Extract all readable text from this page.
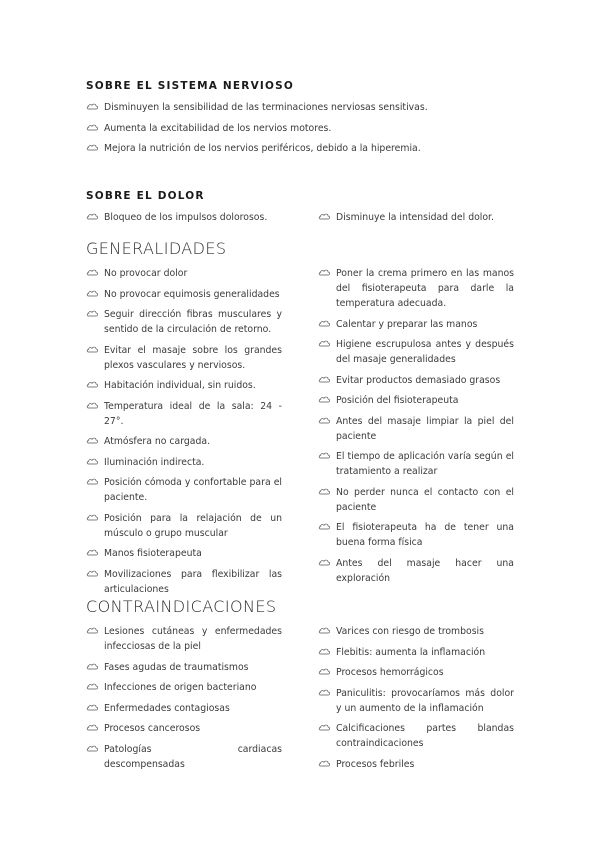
SOBRE EL SISTEMA NERVIOSO
Disminuyen la sensibilidad de las terminaciones nerviosas sensitivas.
Aumenta la excitabilidad de los nervios motores.
Mejora la nutrición de los nervios periféricos, debido a la hiperemia.
SOBRE EL DOLOR
Bloqueo de los impulsos dolorosos.	Disminuye la intensidad del dolor.
GENERALIDADES
No provocar dolor
No provocar equimosis generalidades
Seguir dirección fibras musculares y sentido de la circulación de retorno.
Evitar el masaje sobre los grandes plexos vasculares y nerviosos.
Habitación individual, sin ruidos.
Temperatura ideal de la sala: 24 - 27°.
Atmósfera no cargada.
Iluminación indirecta.
Posición cómoda y confortable para el paciente.
Posición para la relajación de un músculo o grupo muscular
Manos fisioterapeuta
Movilizaciones para flexibilizar las articulaciones
Poner la crema primero en las manos del fisioterapeuta para darle la temperatura adecuada.
Calentar y preparar las manos
Higiene escrupulosa antes y después del masaje generalidades
Evitar productos demasiado grasos
Posición del fisioterapeuta
Antes del masaje limpiar la piel del paciente
El tiempo de aplicación varía según el tratamiento a realizar
No perder nunca el contacto con el paciente
El fisioterapeuta ha de tener una buena forma física
Antes del masaje hacer una exploración
CONTRAINDICACIONES
Lesiones cutáneas y enfermedades infecciosas de la piel
Fases agudas de traumatismos
Infecciones de origen bacteriano
Enfermedades contagiosas
Procesos cancerosos
Patologías cardiacas descompensadas
Varices con riesgo de trombosis
Flebitis: aumenta la inflamación
Procesos hemorrágicos
Paniculitis: provocaríamos más dolor y un aumento de la inflamación
Calcificaciones partes blandas contraindicaciones
Procesos febriles
